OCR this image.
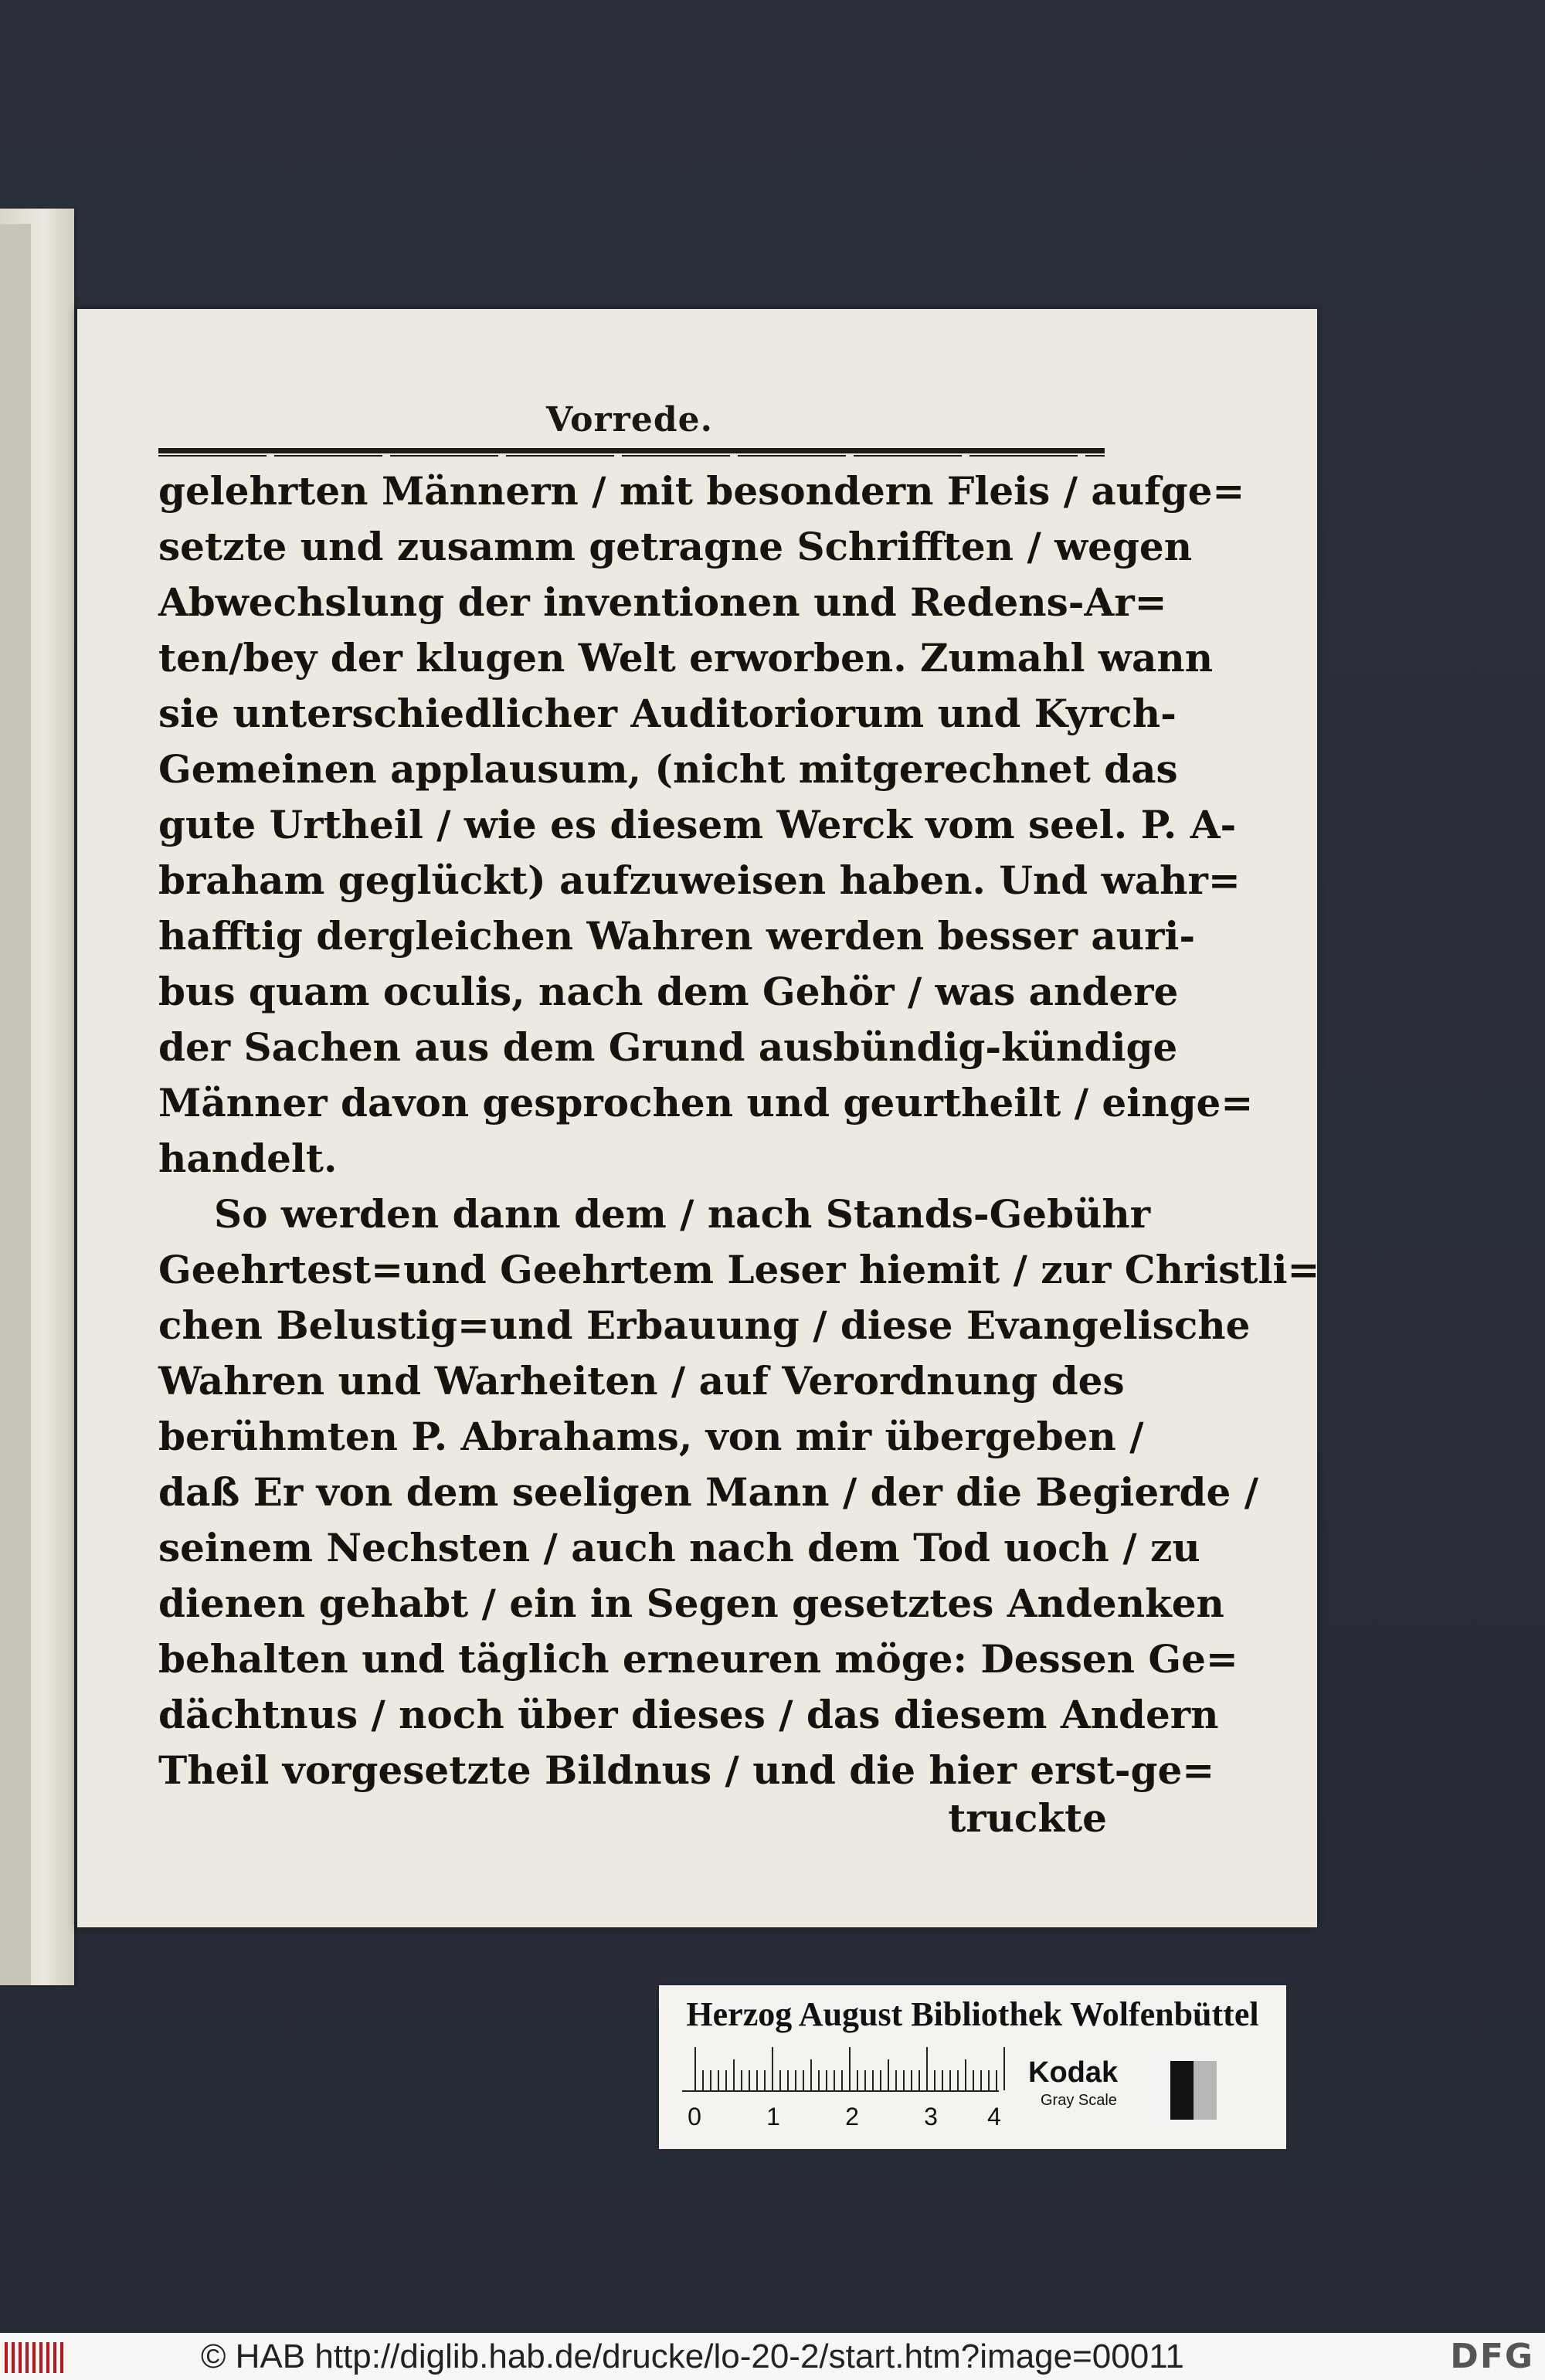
Vorrede.
gelehrten Männern / mit besondern Fleis / aufge=
setzte und zusamm getragne Schrifften / wegen
Abwechslung der inventionen und Redens-Ar=
ten/bey der klugen Welt erworben. Zumahl wann
sie unterschiedlicher Auditoriorum und Kyrch-
Gemeinen applausum, (nicht mitgerechnet das
gute Urtheil / wie es diesem Werck vom seel. P. A-
braham geglückt) aufzuweisen haben. Und wahr=
hafftig dergleichen Wahren werden besser auri-
bus quam oculis, nach dem Gehör / was andere
der Sachen aus dem Grund ausbündig-kündige
Männer davon gesprochen und geurtheilt / einge=
handelt.
So werden dann dem / nach Stands-Gebühr
Geehrtest=und Geehrtem Leser hiemit / zur Christli=
chen Belustig=und Erbauung / diese Evangelische
Wahren und Warheiten / auf Verordnung des
berühmten P. Abrahams, von mir übergeben /
daß Er von dem seeligen Mann / der die Begierde /
seinem Nechsten / auch nach dem Tod uoch / zu
dienen gehabt / ein in Segen gesetztes Andenken
behalten und täglich erneuren möge: Dessen Ge=
dächtnus / noch über dieses / das diesem Andern
Theil vorgesetzte Bildnus / und die hier erst-ge=
truckte
Herzog August Bibliothek Wolfenbüttel
0	1	2	3 4
Kodak
Gray Scale
© HAB http://diglib.hab.de/drucke/lo-20-2/start.htm?image=00011	DFG
